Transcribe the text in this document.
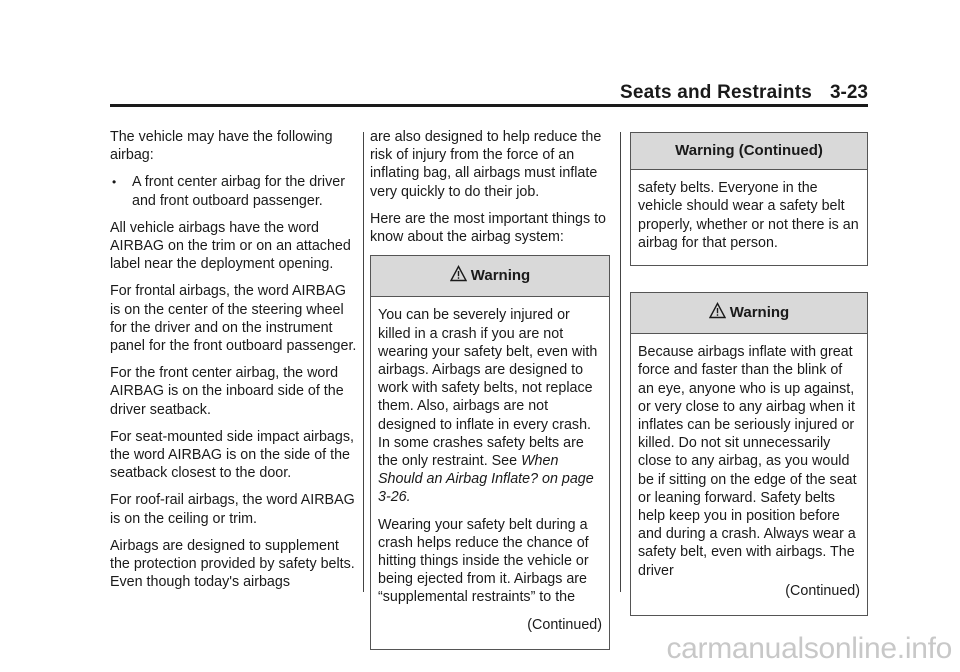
Seats and Restraints 3-23

The vehicle may have the following airbag:

• A front center airbag for the driver and front outboard passenger.

All vehicle airbags have the word AIRBAG on the trim or on an attached label near the deployment opening.

For frontal airbags, the word AIRBAG is on the center of the steering wheel for the driver and on the instrument panel for the front outboard passenger.

For the front center airbag, the word AIRBAG is on the inboard side of the driver seatback.

For seat-mounted side impact airbags, the word AIRBAG is on the side of the seatback closest to the door.

For roof-rail airbags, the word AIRBAG is on the ceiling or trim.

Airbags are designed to supplement the protection provided by safety belts. Even though today's airbags

are also designed to help reduce the risk of injury from the force of an inflating bag, all airbags must inflate very quickly to do their job.

Here are the most important things to know about the airbag system:

Warning

You can be severely injured or killed in a crash if you are not wearing your safety belt, even with airbags. Airbags are designed to work with safety belts, not replace them. Also, airbags are not designed to inflate in every crash. In some crashes safety belts are the only restraint. See When Should an Airbag Inflate? on page 3-26.

Wearing your safety belt during a crash helps reduce the chance of hitting things inside the vehicle or being ejected from it. Airbags are “supplemental restraints” to the

(Continued)

Warning (Continued)

safety belts. Everyone in the vehicle should wear a safety belt properly, whether or not there is an airbag for that person.

Warning

Because airbags inflate with great force and faster than the blink of an eye, anyone who is up against, or very close to any airbag when it inflates can be seriously injured or killed. Do not sit unnecessarily close to any airbag, as you would be if sitting on the edge of the seat or leaning forward. Safety belts help keep you in position before and during a crash. Always wear a safety belt, even with airbags. The driver

(Continued)

carmanualsonline.info
